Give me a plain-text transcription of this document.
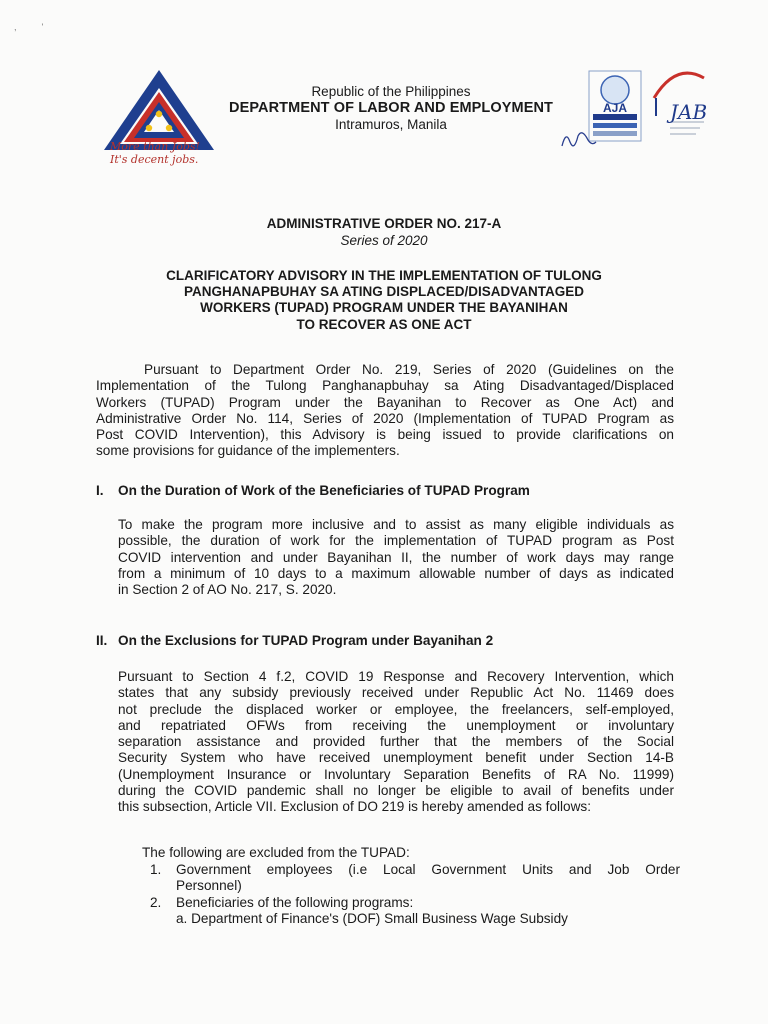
,          '
More than Jobs!
It's decent jobs.
Republic of the Philippines
DEPARTMENT OF LABOR AND EMPLOYMENT
Intramuros, Manila
AJA	JAB
ADMINISTRATIVE ORDER NO. 217-A
Series of 2020
CLARIFICATORY ADVISORY IN THE IMPLEMENTATION OF TULONG
PANGHANAPBUHAY SA ATING DISPLACED/DISADVANTAGED
WORKERS (TUPAD) PROGRAM UNDER THE BAYANIHAN
TO RECOVER AS ONE ACT
Pursuant to Department Order No. 219, Series of 2020 (Guidelines on the
Implementation of the Tulong Panghanapbuhay sa Ating Disadvantaged/Displaced
Workers (TUPAD) Program under the Bayanihan to Recover as One Act) and
Administrative Order No. 114, Series of 2020 (Implementation of TUPAD Program as
Post COVID Intervention), this Advisory is being issued to provide clarifications on
some provisions for guidance of the implementers.
I. On the Duration of Work of the Beneficiaries of TUPAD Program
To make the program more inclusive and to assist as many eligible individuals as
possible, the duration of work for the implementation of TUPAD program as Post
COVID intervention and under Bayanihan II, the number of work days may range
from a minimum of 10 days to a maximum allowable number of days as indicated
in Section 2 of AO No. 217, S. 2020.
II. On the Exclusions for TUPAD Program under Bayanihan 2
Pursuant to Section 4 f.2, COVID 19 Response and Recovery Intervention, which
states that any subsidy previously received under Republic Act No. 11469 does
not preclude the displaced worker or employee, the freelancers, self-employed,
and repatriated OFWs from receiving the unemployment or involuntary
separation assistance and provided further that the members of the Social
Security System who have received unemployment benefit under Section 14-B
(Unemployment Insurance or Involuntary Separation Benefits of RA No. 11999)
during the COVID pandemic shall no longer be eligible to avail of benefits under
this subsection, Article VII. Exclusion of DO 219 is hereby amended as follows:
The following are excluded from the TUPAD:
1. Government employees (i.e Local Government Units and Job Order
Personnel)
2. Beneficiaries of the following programs:
a. Department of Finance's (DOF) Small Business Wage Subsidy
